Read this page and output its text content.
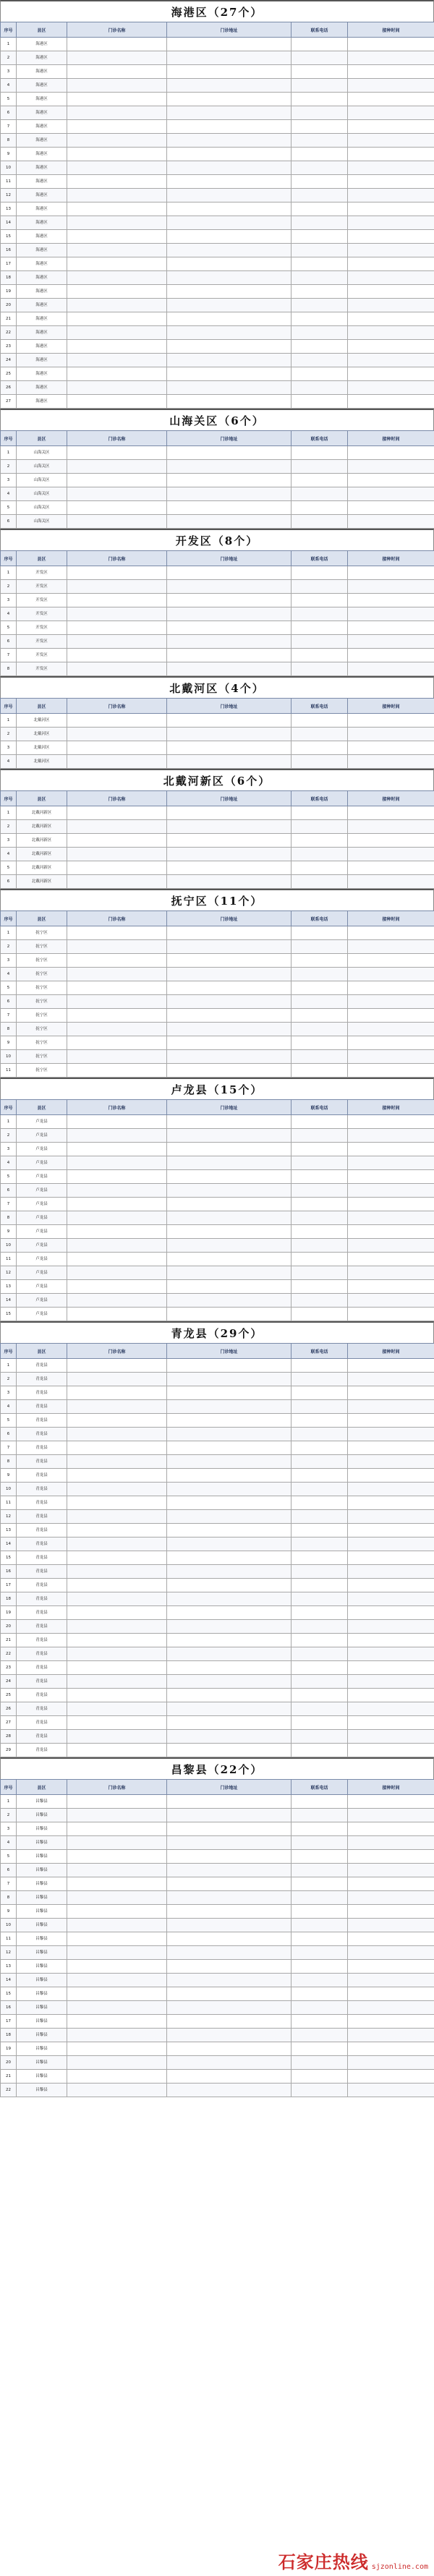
海港区（27个）
序号	县区	门诊名称	门诊地址	联系电话	接种时间
1	海港区				
2	海港区				
3	海港区				
4	海港区				
5	海港区				
6	海港区				
7	海港区				
8	海港区				
9	海港区				
10	海港区				
11	海港区				
12	海港区				
13	海港区				
14	海港区				
15	海港区				
16	海港区				
17	海港区				
18	海港区				
19	海港区				
20	海港区				
21	海港区				
22	海港区				
23	海港区				
24	海港区				
25	海港区				
26	海港区				
27	海港区				
山海关区（6个）
序号	县区	门诊名称	门诊地址	联系电话	接种时间
1	山海关区				
2	山海关区				
3	山海关区				
4	山海关区				
5	山海关区				
6	山海关区				
开发区（8个）
序号	县区	门诊名称	门诊地址	联系电话	接种时间
1	开发区				
2	开发区				
3	开发区				
4	开发区				
5	开发区				
6	开发区				
7	开发区				
8	开发区				
北戴河区（4个）
序号	县区	门诊名称	门诊地址	联系电话	接种时间
1	北戴河区				
2	北戴河区				
3	北戴河区				
4	北戴河区				
北戴河新区（6个）
序号	县区	门诊名称	门诊地址	联系电话	接种时间
1	北戴河新区				
2	北戴河新区				
3	北戴河新区				
4	北戴河新区				
5	北戴河新区				
6	北戴河新区				
抚宁区（11个）
序号	县区	门诊名称	门诊地址	联系电话	接种时间
1	抚宁区				
2	抚宁区				
3	抚宁区				
4	抚宁区				
5	抚宁区				
6	抚宁区				
7	抚宁区				
8	抚宁区				
9	抚宁区				
10	抚宁区				
11	抚宁区				
卢龙县（15个）
序号	县区	门诊名称	门诊地址	联系电话	接种时间
1	卢龙县				
2	卢龙县				
3	卢龙县				
4	卢龙县				
5	卢龙县				
6	卢龙县				
7	卢龙县				
8	卢龙县				
9	卢龙县				
10	卢龙县				
11	卢龙县				
12	卢龙县				
13	卢龙县				
14	卢龙县				
15	卢龙县				
青龙县（29个）
序号	县区	门诊名称	门诊地址	联系电话	接种时间
1	青龙县				
2	青龙县				
3	青龙县				
4	青龙县				
5	青龙县				
6	青龙县				
7	青龙县				
8	青龙县				
9	青龙县				
10	青龙县				
11	青龙县				
12	青龙县				
13	青龙县				
14	青龙县				
15	青龙县				
16	青龙县				
17	青龙县				
18	青龙县				
19	青龙县				
20	青龙县				
21	青龙县				
22	青龙县				
23	青龙县				
24	青龙县				
25	青龙县				
26	青龙县				
27	青龙县				
28	青龙县				
29	青龙县				
昌黎县（22个）
序号	县区	门诊名称	门诊地址	联系电话	接种时间
1	昌黎县				
2	昌黎县				
3	昌黎县				
4	昌黎县				
5	昌黎县				
6	昌黎县				
7	昌黎县				
8	昌黎县				
9	昌黎县				
10	昌黎县				
11	昌黎县				
12	昌黎县				
13	昌黎县				
14	昌黎县				
15	昌黎县				
16	昌黎县				
17	昌黎县				
18	昌黎县				
19	昌黎县				
20	昌黎县				
21	昌黎县				
22	昌黎县				
石家庄热线 sjzonline.com
